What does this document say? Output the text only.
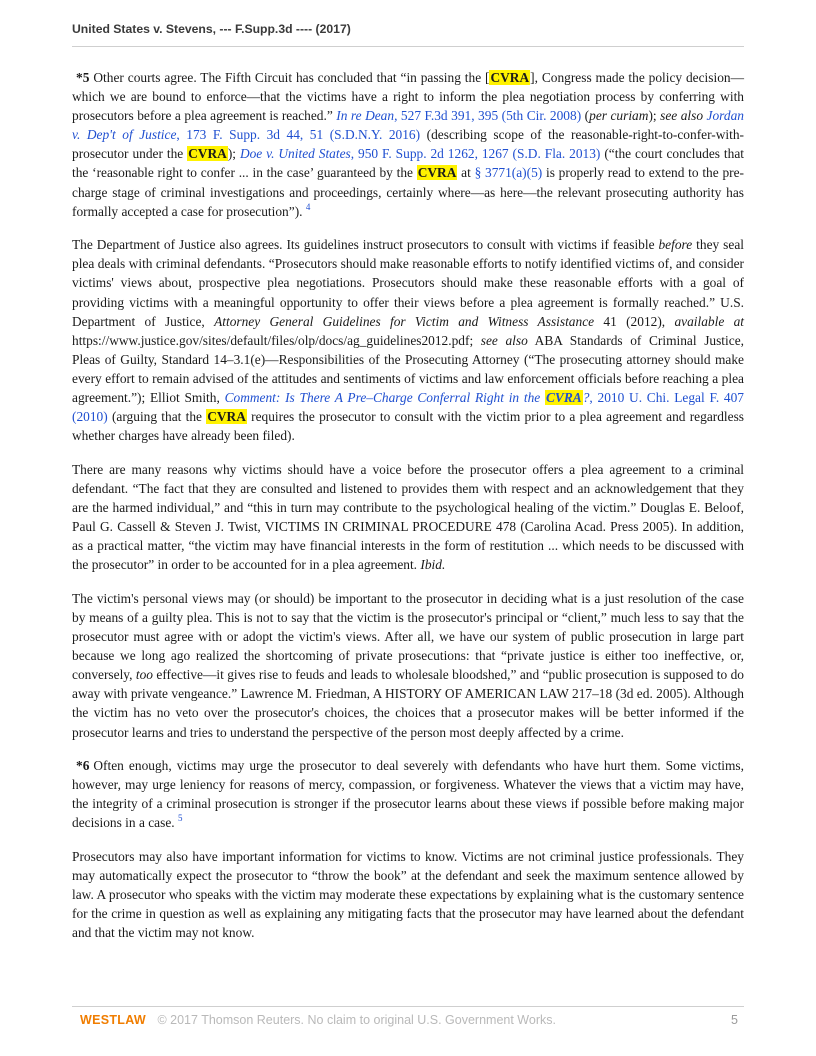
United States v. Stevens, --- F.Supp.3d ---- (2017)

*5 Other courts agree. The Fifth Circuit has concluded that “in passing the [CVRA], Congress made the policy decision—which we are bound to enforce—that the victims have a right to inform the plea negotiation process by conferring with prosecutors before a plea agreement is reached.” In re Dean, 527 F.3d 391, 395 (5th Cir. 2008) (per curiam); see also Jordan v. Dep't of Justice, 173 F. Supp. 3d 44, 51 (S.D.N.Y. 2016) (describing scope of the reasonable-right-to-confer-with-prosecutor under the CVRA); Doe v. United States, 950 F. Supp. 2d 1262, 1267 (S.D. Fla. 2013) (“the court concludes that the ‘reasonable right to confer ... in the case’ guaranteed by the CVRA at § 3771(a)(5) is properly read to extend to the pre-charge stage of criminal investigations and proceedings, certainly where—as here—the relevant prosecuting authority has formally accepted a case for prosecution”). $^4$

The Department of Justice also agrees. Its guidelines instruct prosecutors to consult with victims if feasible before they seal plea deals with criminal defendants. “Prosecutors should make reasonable efforts to notify identified victims of, and consider victims' views about, prospective plea negotiations. Prosecutors should make these reasonable efforts with a goal of providing victims with a meaningful opportunity to offer their views before a plea agreement is formally reached.” U.S. Department of Justice, Attorney General Guidelines for Victim and Witness Assistance 41 (2012), available at https://www.justice.gov/sites/default/files/olp/docs/ag_guidelines2012.pdf; see also ABA Standards of Criminal Justice, Pleas of Guilty, Standard 14–3.1(e)—Responsibilities of the Prosecuting Attorney (“The prosecuting attorney should make every effort to remain advised of the attitudes and sentiments of victims and law enforcement officials before reaching a plea agreement.”); Elliot Smith, Comment: Is There A Pre–Charge Conferral Right in the CVRA?, 2010 U. Chi. Legal F. 407 (2010) (arguing that the CVRA requires the prosecutor to consult with the victim prior to a plea agreement and regardless whether charges have already been filed).

There are many reasons why victims should have a voice before the prosecutor offers a plea agreement to a criminal defendant. “The fact that they are consulted and listened to provides them with respect and an acknowledgement that they are the harmed individual,” and “this in turn may contribute to the psychological healing of the victim.” Douglas E. Beloof, Paul G. Cassell & Steven J. Twist, VICTIMS IN CRIMINAL PROCEDURE 478 (Carolina Acad. Press 2005). In addition, as a practical matter, “the victim may have financial interests in the form of restitution ... which needs to be discussed with the prosecutor” in order to be accounted for in a plea agreement. Ibid.

The victim's personal views may (or should) be important to the prosecutor in deciding what is a just resolution of the case by means of a guilty plea. This is not to say that the victim is the prosecutor's principal or “client,” much less to say that the prosecutor must agree with or adopt the victim's views. After all, we have our system of public prosecution in large part because we long ago realized the shortcoming of private prosecutions: that “private justice is either too ineffective, or, conversely, too effective—it gives rise to feuds and leads to wholesale bloodshed,” and “public prosecution is supposed to do away with private vengeance.” Lawrence M. Friedman, A HISTORY OF AMERICAN LAW 217–18 (3d ed. 2005). Although the victim has no veto over the prosecutor's choices, the choices that a prosecutor makes will be better informed if the prosecutor learns and tries to understand the perspective of the person most deeply affected by a crime.

*6 Often enough, victims may urge the prosecutor to deal severely with defendants who have hurt them. Some victims, however, may urge leniency for reasons of mercy, compassion, or forgiveness. Whatever the views that a victim may have, the integrity of a criminal prosecution is stronger if the prosecutor learns about these views if possible before making major decisions in a case. $^5$

Prosecutors may also have important information for victims to know. Victims are not criminal justice professionals. They may automatically expect the prosecutor to “throw the book” at the defendant and seek the maximum sentence allowed by law. A prosecutor who speaks with the victim may moderate these expectations by explaining what is the customary sentence for the crime in question as well as explaining any mitigating facts that the prosecutor may have learned about the defendant and that the victim may not know.

WESTLAW © 2017 Thomson Reuters. No claim to original U.S. Government Works.	5
